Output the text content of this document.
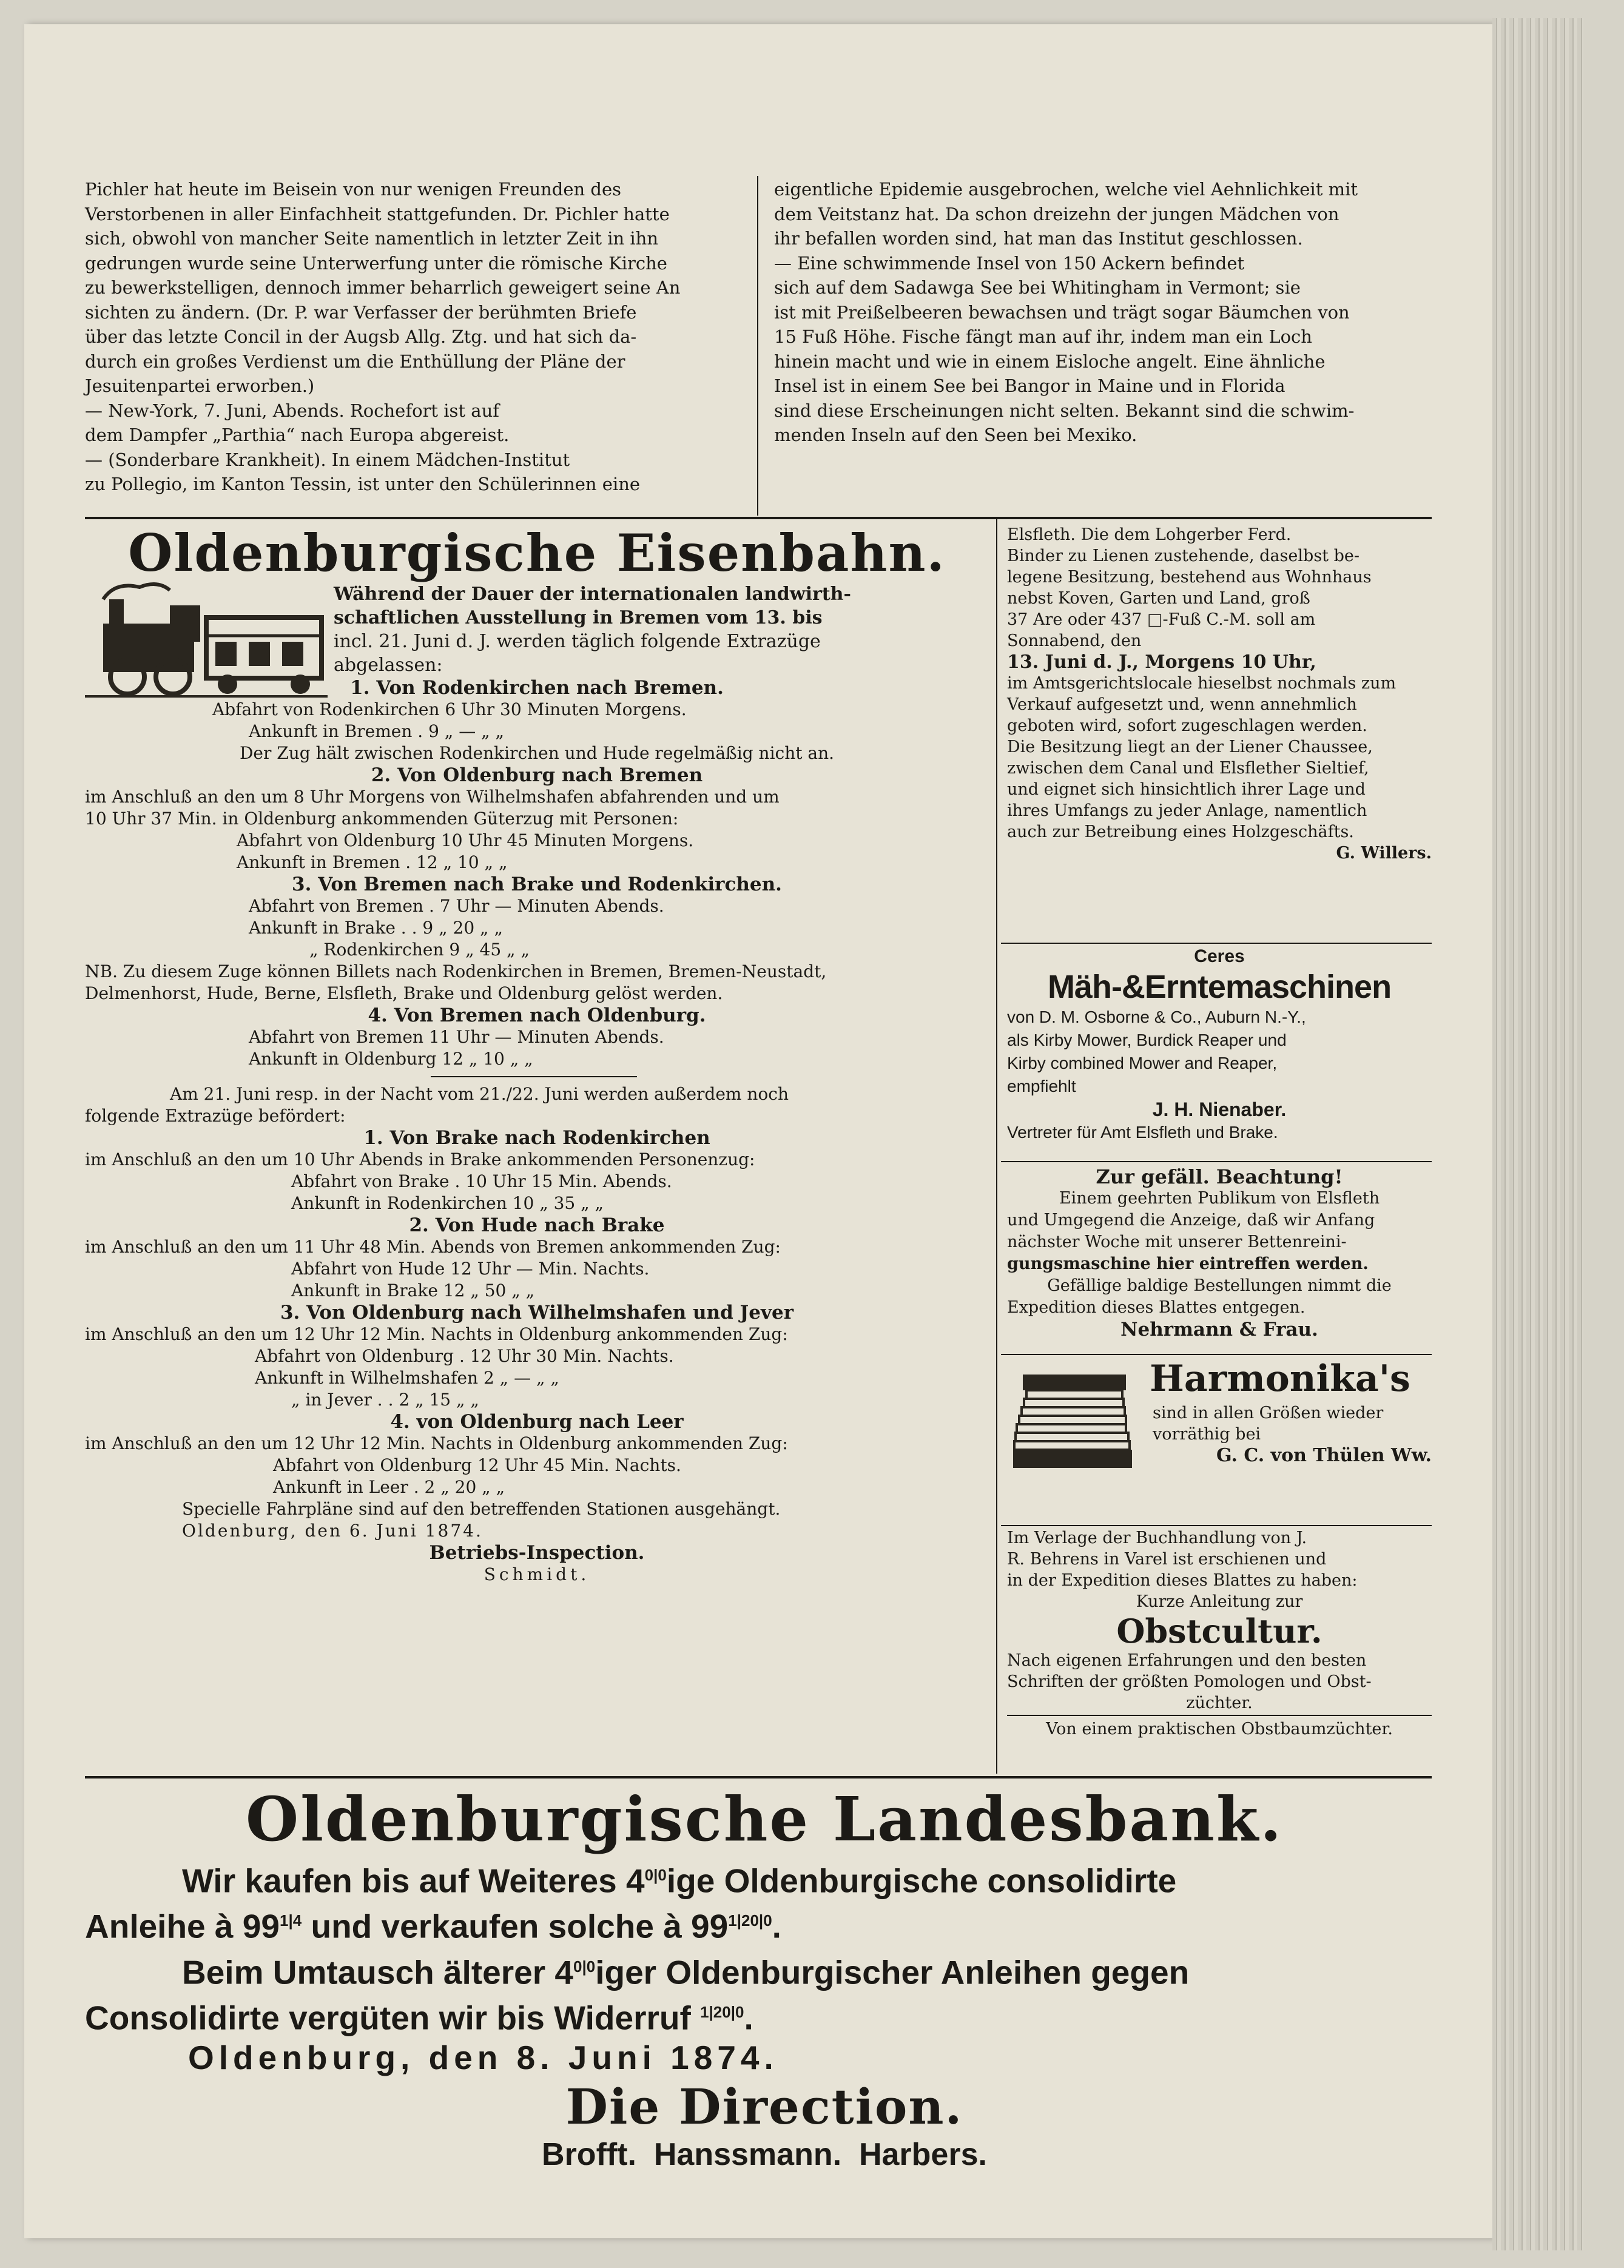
Pichler hat heute im Beisein von nur wenigen Freunden des

Verstorbenen in aller Einfachheit stattgefunden. Dr. Pichler hatte

sich, obwohl von mancher Seite namentlich in letzter Zeit in ihn

gedrungen wurde seine Unterwerfung unter die römische Kirche

zu bewerkstelligen, dennoch immer beharrlich geweigert seine An

sichten zu ändern. (Dr. P. war Verfasser der berühmten Briefe

über das letzte Concil in der Augsb Allg. Ztg. und hat sich da-

durch ein großes Verdienst um die Enthüllung der Pläne der

Jesuitenpartei erworben.)

— New-York, 7. Juni, Abends. Rochefort ist auf

dem Dampfer „Parthia“ nach Europa abgereist.

— (Sonderbare Krankheit). In einem Mädchen-Institut

zu Pollegio, im Kanton Tessin, ist unter den Schülerinnen eine

eigentliche Epidemie ausgebrochen, welche viel Aehnlichkeit mit

dem Veitstanz hat. Da schon dreizehn der jungen Mädchen von

ihr befallen worden sind, hat man das Institut geschlossen.

— Eine schwimmende Insel von 150 Ackern befindet

sich auf dem Sadawga See bei Whitingham in Vermont; sie

ist mit Preißelbeeren bewachsen und trägt sogar Bäumchen von

15 Fuß Höhe. Fische fängt man auf ihr, indem man ein Loch

hinein macht und wie in einem Eisloche angelt. Eine ähnliche

Insel ist in einem See bei Bangor in Maine und in Florida

sind diese Erscheinungen nicht selten. Bekannt sind die schwim-

menden Inseln auf den Seen bei Mexiko.

Oldenburgische Eisenbahn.

Während der Dauer der internationalen landwirth-

schaftlichen Ausstellung in Bremen vom 13. bis

incl. 21. Juni d. J. werden täglich folgende Extrazüge

abgelassen:

1. Von Rodenkirchen nach Bremen.

Abfahrt von Rodenkirchen 6 Uhr 30 Minuten Morgens.

Ankunft in Bremen . 9 „ — „ „

Der Zug hält zwischen Rodenkirchen und Hude regelmäßig nicht an.

2. Von Oldenburg nach Bremen

im Anschluß an den um 8 Uhr Morgens von Wilhelmshafen abfahrenden und um

10 Uhr 37 Min. in Oldenburg ankommenden Güterzug mit Personen:

Abfahrt von Oldenburg 10 Uhr 45 Minuten Morgens.

Ankunft in Bremen . 12 „ 10 „ „

3. Von Bremen nach Brake und Rodenkirchen.

Abfahrt von Bremen . 7 Uhr — Minuten Abends.

Ankunft in Brake . . 9 „ 20 „ „

„ Rodenkirchen 9 „ 45 „ „

NB. Zu diesem Zuge können Billets nach Rodenkirchen in Bremen, Bremen-Neustadt,

Delmenhorst, Hude, Berne, Elsfleth, Brake und Oldenburg gelöst werden.

4. Von Bremen nach Oldenburg.

Abfahrt von Bremen 11 Uhr — Minuten Abends.

Ankunft in Oldenburg 12 „ 10 „ „

Am 21. Juni resp. in der Nacht vom 21./22. Juni werden außerdem noch

folgende Extrazüge befördert:

1. Von Brake nach Rodenkirchen

im Anschluß an den um 10 Uhr Abends in Brake ankommenden Personenzug:

Abfahrt von Brake . 10 Uhr 15 Min. Abends.

Ankunft in Rodenkirchen 10 „ 35 „ „

2. Von Hude nach Brake

im Anschluß an den um 11 Uhr 48 Min. Abends von Bremen ankommenden Zug:

Abfahrt von Hude 12 Uhr — Min. Nachts.

Ankunft in Brake 12 „ 50 „ „

3. Von Oldenburg nach Wilhelmshafen und Jever

im Anschluß an den um 12 Uhr 12 Min. Nachts in Oldenburg ankommenden Zug:

Abfahrt von Oldenburg . 12 Uhr 30 Min. Nachts.

Ankunft in Wilhelmshafen 2 „ — „ „

„ in Jever . . 2 „ 15 „ „

4. von Oldenburg nach Leer

im Anschluß an den um 12 Uhr 12 Min. Nachts in Oldenburg ankommenden Zug:

Abfahrt von Oldenburg 12 Uhr 45 Min. Nachts.

Ankunft in Leer . 2 „ 20 „ „

Specielle Fahrpläne sind auf den betreffenden Stationen ausgehängt.

Oldenburg, den 6. Juni 1874.

Betriebs-Inspection.

Schmidt.

Elsfleth. Die dem Lohgerber Ferd.

Binder zu Lienen zustehende, daselbst be-

legene Besitzung, bestehend aus Wohnhaus

nebst Koven, Garten und Land, groß

37 Are oder 437 □-Fuß C.-M. soll am

Sonnabend, den

13. Juni d. J., Morgens 10 Uhr,

im Amtsgerichtslocale hieselbst nochmals zum

Verkauf aufgesetzt und, wenn annehmlich

geboten wird, sofort zugeschlagen werden.

Die Besitzung liegt an der Liener Chaussee,

zwischen dem Canal und Elsflether Sieltief,

und eignet sich hinsichtlich ihrer Lage und

ihres Umfangs zu jeder Anlage, namentlich

auch zur Betreibung eines Holzgeschäfts.

G. Willers.

Ceres

Mäh-&Erntemaschinen

von D. M. Osborne & Co., Auburn N.-Y.,

als Kirby Mower, Burdick Reaper und

Kirby combined Mower and Reaper,

empfiehlt

J. H. Nienaber.

Vertreter für Amt Elsfleth und Brake.

Zur gefäll. Beachtung!

Einem geehrten Publikum von Elsfleth

und Umgegend die Anzeige, daß wir Anfang

nächster Woche mit unserer Bettenreini-

gungsmaschine hier eintreffen werden.

Gefällige baldige Bestellungen nimmt die

Expedition dieses Blattes entgegen.

Nehrmann & Frau.

Harmonika's

sind in allen Größen wieder

vorräthig bei

G. C. von Thülen Ww.

Im Verlage der Buchhandlung von J.

R. Behrens in Varel ist erschienen und

in der Expedition dieses Blattes zu haben:

Kurze Anleitung zur

Obstcultur.

Nach eigenen Erfahrungen und den besten

Schriften der größten Pomologen und Obst-

züchter.

Von einem praktischen Obstbaumzüchter.

Oldenburgische Landesbank.

Wir kaufen bis auf Weiteres $4^{0|0}ige$ Oldenburgische consolidirte

Anleihe à $99^{1|4}$ und verkaufen solche à $99^{1|20|0}$.

Beim Umtausch älterer $4^{0|0}iger$ Oldenburgischer Anleihen gegen

Consolidirte vergüten wir bis Widerruf $^{1|20|0}$.

Oldenburg, den 8. Juni 1874.

Die Direction.

Brofft.  Hanssmann.  Harbers.
